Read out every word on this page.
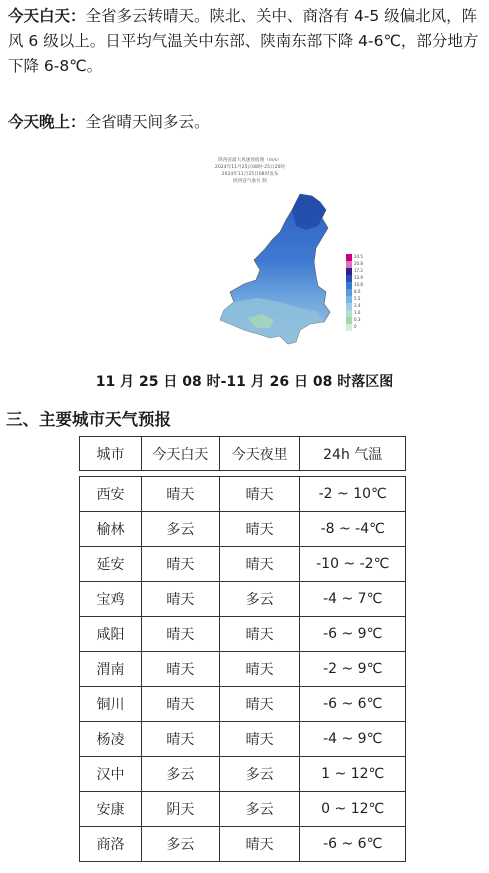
今天白天：全省多云转晴天。陕北、关中、商洛有 4-5 级偏北风，阵风 6 级以上。日平均气温关中东部、陕南东部下降 4-6℃，部分地方下降 6-8℃。
今天晚上：全省晴天间多云。
陕西省最大风速预报图（m/s）
2024年11月25日08时-25日20时
2024年11月25日08时发布
陕西省气象台 制
24.5
20.8
17.2
13.9
10.8
8.0
5.5
3.4
1.6
0.3
0
11 月 25 日 08 时-11 月 26 日 08 时落区图
三、主要城市天气预报
城市	今天白天	今天夜里	24h 气温

西安	晴天	晴天	-2 ~ 10℃
榆林	多云	晴天	-8 ~ -4℃
延安	晴天	晴天	-10 ~ -2℃
宝鸡	晴天	多云	-4 ~ 7℃
咸阳	晴天	晴天	-6 ~ 9℃
渭南	晴天	晴天	-2 ~ 9℃
铜川	晴天	晴天	-6 ~ 6℃
杨凌	晴天	晴天	-4 ~ 9℃
汉中	多云	多云	1 ~ 12℃
安康	阴天	多云	0 ~ 12℃
商洛	多云	晴天	-6 ~ 6℃
